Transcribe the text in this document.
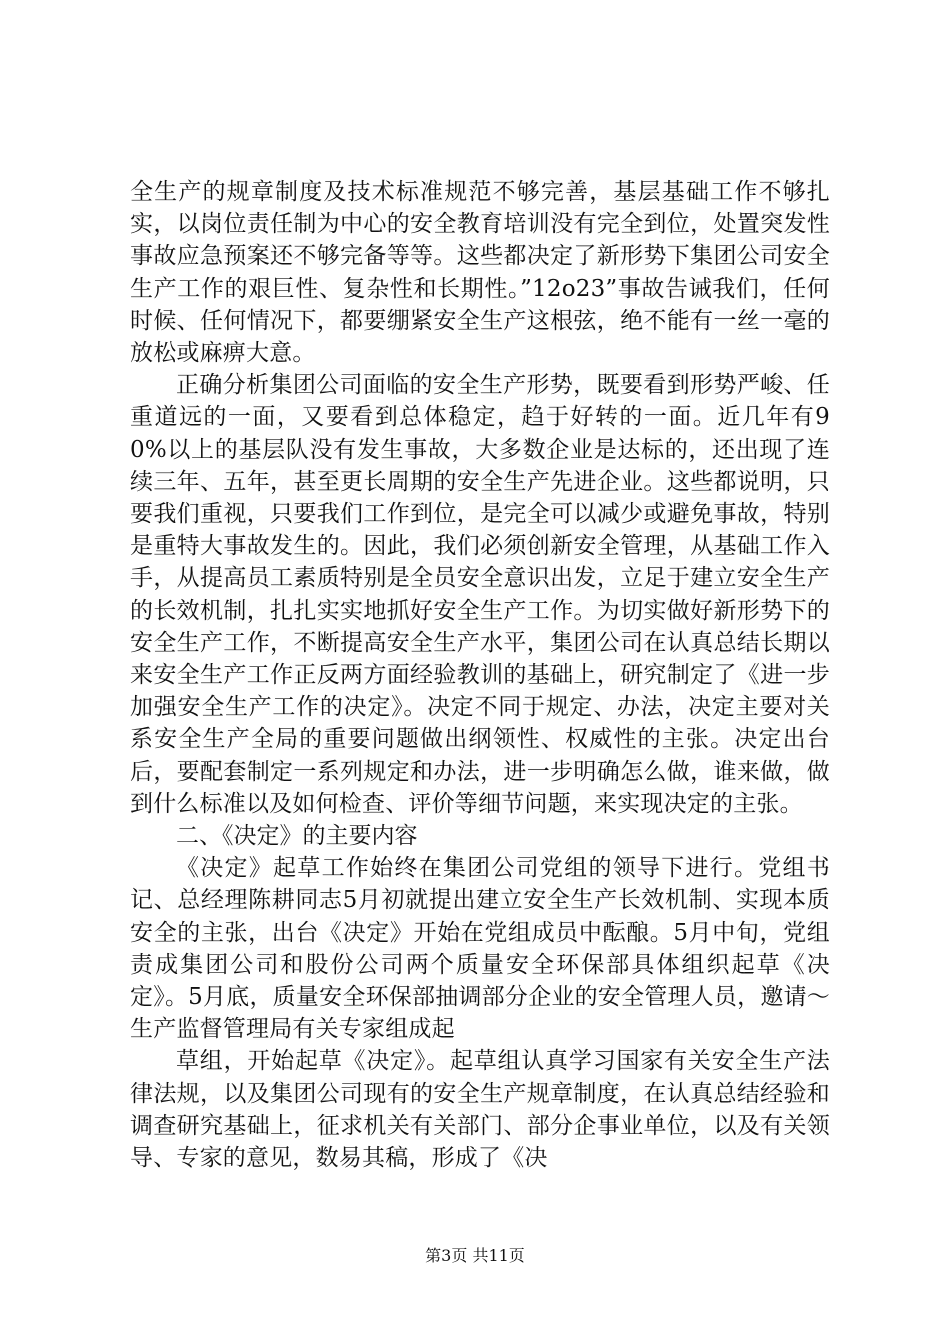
全生产的规章制度及技术标准规范不够完善，基层基础工作不够扎实，以岗位责任制为中心的安全教育培训没有完全到位，处置突发性事故应急预案还不够完备等等。这些都决定了新形势下集团公司安全生产工作的艰巨性、复杂性和长期性。”12o23”事故告诫我们，任何时候、任何情况下，都要绷紧安全生产这根弦，绝不能有一丝一毫的放松或麻痹大意。

正确分析集团公司面临的安全生产形势，既要看到形势严峻、任重道远的一面，又要看到总体稳定，趋于好转的一面。近几年有90%以上的基层队没有发生事故，大多数企业是达标的，还出现了连续三年、五年，甚至更长周期的安全生产先进企业。这些都说明，只要我们重视，只要我们工作到位，是完全可以减少或避免事故，特别是重特大事故发生的。因此，我们必须创新安全管理，从基础工作入手，从提高员工素质特别是全员安全意识出发，立足于建立安全生产的长效机制，扎扎实实地抓好安全生产工作。为切实做好新形势下的安全生产工作，不断提高安全生产水平，集团公司在认真总结长期以来安全生产工作正反两方面经验教训的基础上，研究制定了《进一步加强安全生产工作的决定》。决定不同于规定、办法，决定主要对关系安全生产全局的重要问题做出纲领性、权威性的主张。决定出台后，要配套制定一系列规定和办法，进一步明确怎么做，谁来做，做到什么标准以及如何检查、评价等细节问题，来实现决定的主张。

二、《决定》的主要内容

《决定》起草工作始终在集团公司党组的领导下进行。党组书记、总经理陈耕同志5月初就提出建立安全生产长效机制、实现本质安全的主张，出台《决定》开始在党组成员中酝酿。5月中旬，党组责成集团公司和股份公司两个质量安全环保部具体组织起草《决定》。5月底，质量安全环保部抽调部分企业的安全管理人员，邀请～生产监督管理局有关专家组成起

草组，开始起草《决定》。起草组认真学习国家有关安全生产法律法规，以及集团公司现有的安全生产规章制度，在认真总结经验和调查研究基础上，征求机关有关部门、部分企事业单位，以及有关领导、专家的意见，数易其稿，形成了《决

第3页 共11页
